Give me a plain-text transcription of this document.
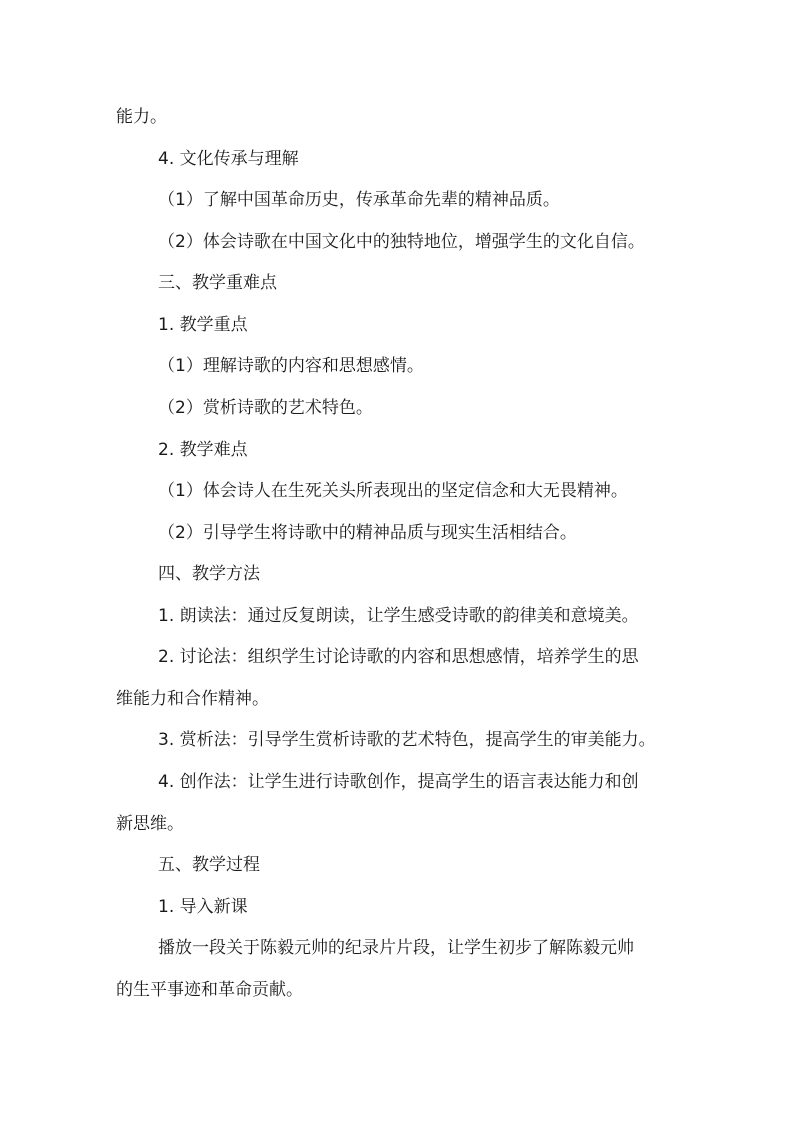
能力。
4. 文化传承与理解
（1）了解中国革命历史，传承革命先辈的精神品质。
（2）体会诗歌在中国文化中的独特地位，增强学生的文化自信。
三、教学重难点
1. 教学重点
（1）理解诗歌的内容和思想感情。
（2）赏析诗歌的艺术特色。
2. 教学难点
（1）体会诗人在生死关头所表现出的坚定信念和大无畏精神。
（2）引导学生将诗歌中的精神品质与现实生活相结合。
四、教学方法
1. 朗读法：通过反复朗读，让学生感受诗歌的韵律美和意境美。
2. 讨论法：组织学生讨论诗歌的内容和思想感情，培养学生的思
维能力和合作精神。
3. 赏析法：引导学生赏析诗歌的艺术特色，提高学生的审美能力。
4. 创作法：让学生进行诗歌创作，提高学生的语言表达能力和创
新思维。
五、教学过程
1. 导入新课
播放一段关于陈毅元帅的纪录片片段，让学生初步了解陈毅元帅
的生平事迹和革命贡献。
